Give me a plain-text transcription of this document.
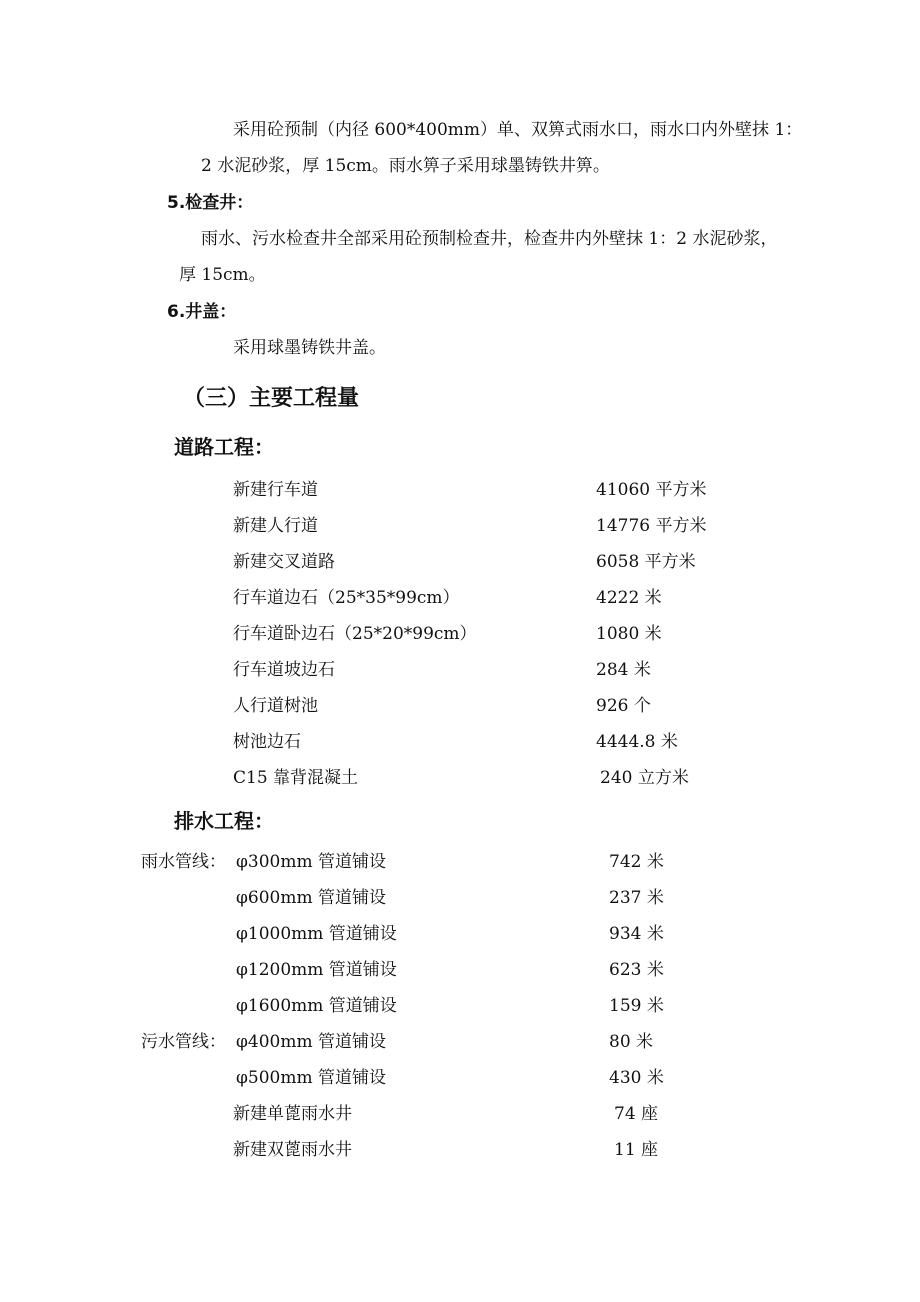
采用砼预制（内径 600*400mm）单、双箅式雨水口，雨水口内外壁抹 1：
2 水泥砂浆，厚 15cm。雨水箅子采用球墨铸铁井箅。
5.检查井：
雨水、污水检查井全部采用砼预制检查井，检查井内外壁抹 1：2 水泥砂浆，
厚 15cm。
6.井盖：
采用球墨铸铁井盖。
（三）主要工程量
道路工程：
新建行车道	41060 平方米
新建人行道	14776 平方米
新建交叉道路	6058 平方米
行车道边石（25*35*99cm）	4222 米
行车道卧边石（25*20*99cm）	1080 米
行车道坡边石	284 米
人行道树池	926 个
树池边石	4444.8 米
C15 靠背混凝土	240 立方米
排水工程：
雨水管线： φ300mm 管道铺设	742 米
φ600mm 管道铺设	237 米
φ1000mm 管道铺设	934 米
φ1200mm 管道铺设	623 米
φ1600mm 管道铺设	159 米
污水管线： φ400mm 管道铺设	80 米
φ500mm 管道铺设	430 米
新建单蓖雨水井	74 座
新建双蓖雨水井	11 座
